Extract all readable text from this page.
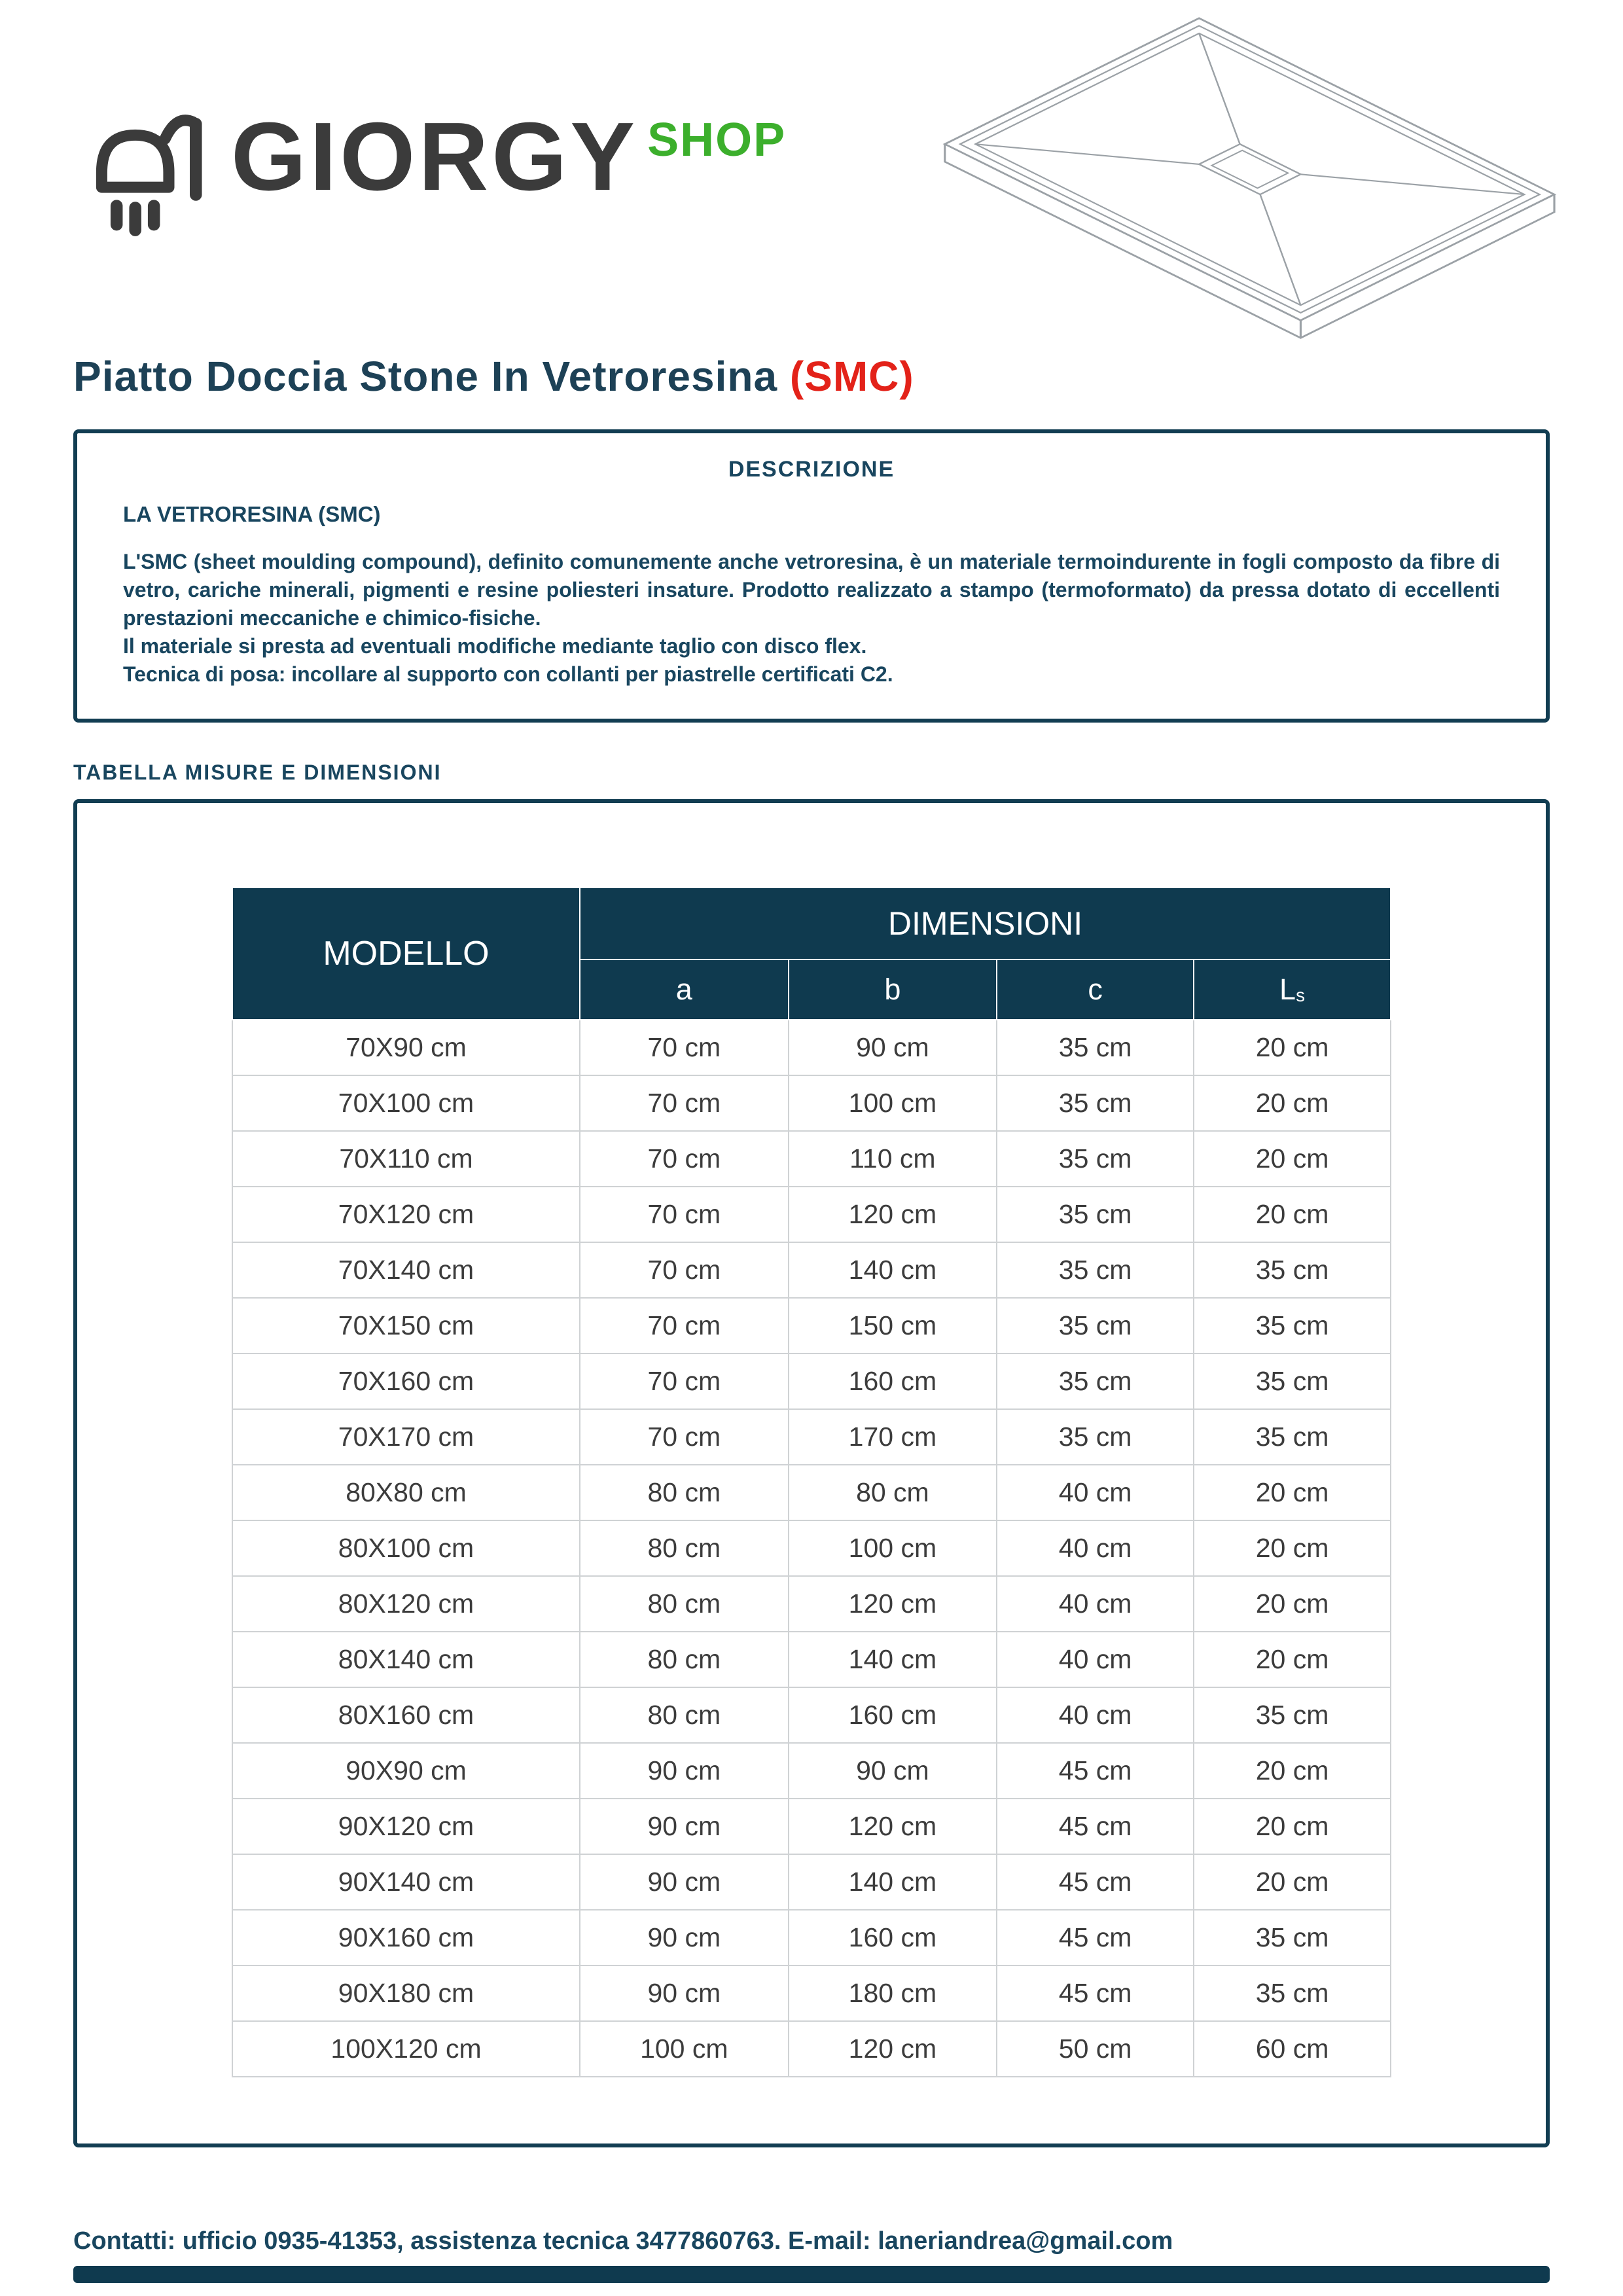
GIORGY SHOP
Piatto Doccia Stone In Vetroresina (SMC)
DESCRIZIONE
LA VETRORESINA (SMC)

L'SMC (sheet moulding compound), definito comunemente anche vetroresina, è un materiale termoindurente in fogli composto da fibre di vetro, cariche minerali, pigmenti e resine poliesteri insature. Prodotto realizzato a stampo (termoformato) da pressa dotato di eccellenti prestazioni meccaniche e chimico-fisiche.

Il materiale si presta ad eventuali modifiche mediante taglio con disco flex.

Tecnica di posa: incollare al supporto con collanti per piastrelle certificati C2.

TABELLA MISURE E DIMENSIONI
MODELLO	DIMENSIONI			
	a	b	c	Ls
70X90 cm	70 cm	90 cm	35 cm	20 cm
70X100 cm	70 cm	100 cm	35 cm	20 cm
70X110 cm	70 cm	110 cm	35 cm	20 cm
70X120 cm	70 cm	120 cm	35 cm	20 cm
70X140 cm	70 cm	140 cm	35 cm	35 cm
70X150 cm	70 cm	150 cm	35 cm	35 cm
70X160 cm	70 cm	160 cm	35 cm	35 cm
70X170 cm	70 cm	170 cm	35 cm	35 cm
80X80 cm	80 cm	80 cm	40 cm	20 cm
80X100 cm	80 cm	100 cm	40 cm	20 cm
80X120 cm	80 cm	120 cm	40 cm	20 cm
80X140 cm	80 cm	140 cm	40 cm	20 cm
80X160 cm	80 cm	160 cm	40 cm	35 cm
90X90 cm	90 cm	90 cm	45 cm	20 cm
90X120 cm	90 cm	120 cm	45 cm	20 cm
90X140 cm	90 cm	140 cm	45 cm	20 cm
90X160 cm	90 cm	160 cm	45 cm	35 cm
90X180 cm	90 cm	180 cm	45 cm	35 cm
100X120 cm	100 cm	120 cm	50 cm	60 cm
Contatti: ufficio 0935-41353, assistenza tecnica 3477860763. E-mail: laneriandrea@gmail.com
